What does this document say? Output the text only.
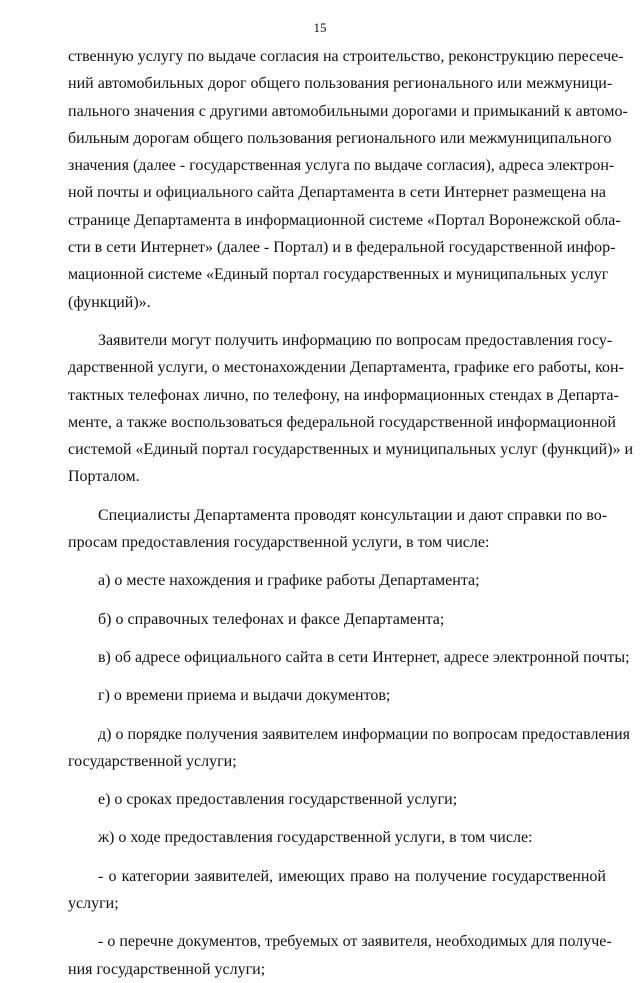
15
ственную услугу по выдаче согласия на строительство, реконструкцию пересече-
ний автомобильных дорог общего пользования регионального или межмуници-
пального значения с другими автомобильными дорогами и примыканий к автомо-
бильным дорогам общего пользования регионального или межмуниципального
значения (далее - государственная услуга по выдаче согласия), адреса электрон-
ной почты и официального сайта Департамента в сети Интернет размещена на
странице Департамента в информационной системе «Портал Воронежской обла-
сти в сети Интернет» (далее - Портал) и в федеральной государственной инфор-
мационной системе «Единый портал государственных и муниципальных услуг
(функций)».
Заявители могут получить информацию по вопросам предоставления госу-
дарственной услуги, о местонахождении Департамента, графике его работы, кон-
тактных телефонах лично, по телефону, на информационных стендах в Департа-
менте, а также воспользоваться федеральной государственной информационной
системой «Единый портал государственных и муниципальных услуг (функций)» и
Порталом.
Специалисты Департамента проводят консультации и дают справки по во-
просам предоставления государственной услуги, в том числе:
а) о месте нахождения и графике работы Департамента;
б) о справочных телефонах и факсе Департамента;
в) об адресе официального сайта в сети Интернет, адресе электронной почты;
г) о времени приема и выдачи документов;
д) о порядке получения заявителем информации по вопросам предоставления
государственной услуги;
е) о сроках предоставления государственной услуги;
ж) о ходе предоставления государственной услуги, в том числе:
- о категории заявителей, имеющих право на получение государственной
услуги;
- о перечне документов, требуемых от заявителя, необходимых для получе-
ния государственной услуги;
